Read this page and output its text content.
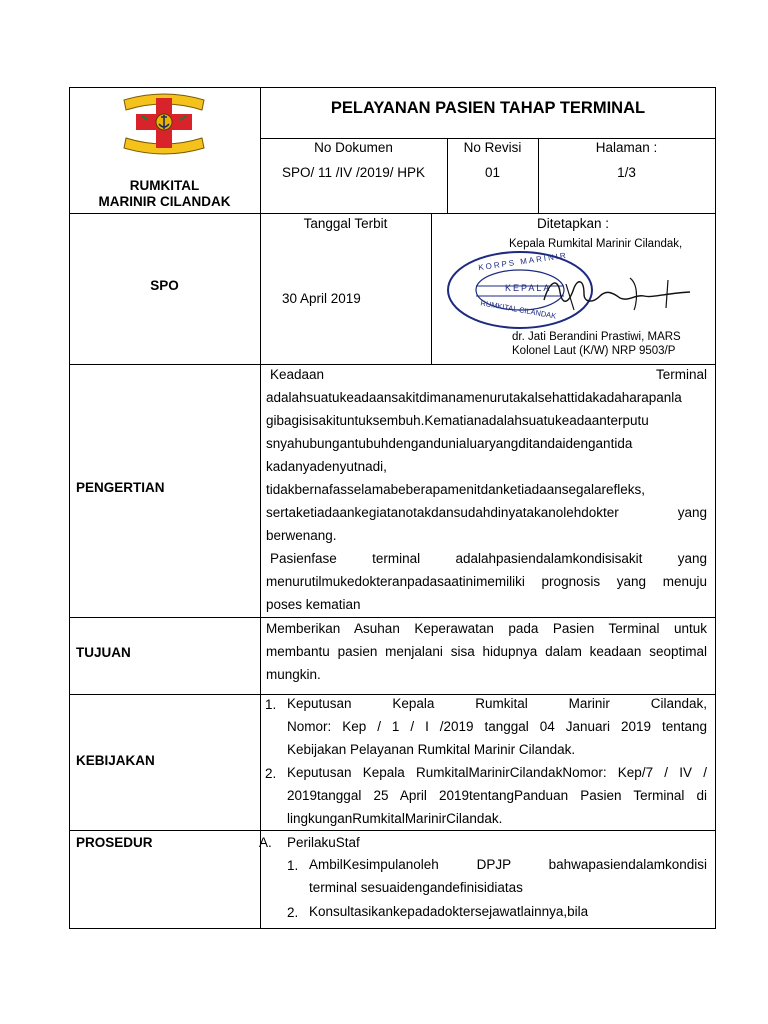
RUMKITAL
MARINIR CILANDAK
PELAYANAN PASIEN TAHAP TERMINAL
No Dokumen
SPO/ 11 /IV /2019/ HPK
No Revisi
01
Halaman :
1/3
SPO
Tanggal Terbit
30 April 2019
Ditetapkan :
Kepala Rumkital Marinir Cilandak,
KORPS MARINIR
KEPALA
RUMKITAL CILANDAK
dr. Jati Berandini Prastiwi, MARS
Kolonel Laut (K/W) NRP 9503/P
PENGERTIAN
Keadaan Terminal
adalahsuatukeadaansakitdimanamenurutakalsehattidakadaharapanla
gibagisisakituntuksembuh.Kematianadalahsuatukeadaanterputu
snyahubungantubuhdengandunialuaryangditandaidengantida
kadanyadenyutnadi,
tidakbernafasselamabeberapamenitdanketiadaansegalarefleks,
sertaketiadaankegiatanotakdansudahdinyatakanolehdokter yang
berwenang.
Pasienfase terminal adalahpasiendalamkondisisakit yang
menurutilmukedokteranpadasaatinimemiliki prognosis yang menuju
poses kematian
TUJUAN
Memberikan Asuhan Keperawatan pada Pasien Terminal untuk
membantu pasien menjalani sisa hidupnya dalam keadaan seoptimal
mungkin.
KEBIJAKAN
1. Keputusan Kepala Rumkital Marinir Cilandak,
Nomor: Kep / 1 / I /2019 tanggal 04 Januari 2019 tentang
Kebijakan Pelayanan Rumkital Marinir Cilandak.
2. Keputusan Kepala RumkitalMarinirCilandakNomor: Kep/7 / IV /
2019tanggal 25 April 2019tentangPanduan Pasien Terminal di
lingkunganRumkitalMarinirCilandak.
PROSEDUR	A. PerilakuStaf
1. AmbilKesimpulanoleh DPJP bahwapasiendalamkondisi
terminal sesuaidengandefinisidiatas
2. Konsultasikankepadadoktersejawatlainnya,bila
